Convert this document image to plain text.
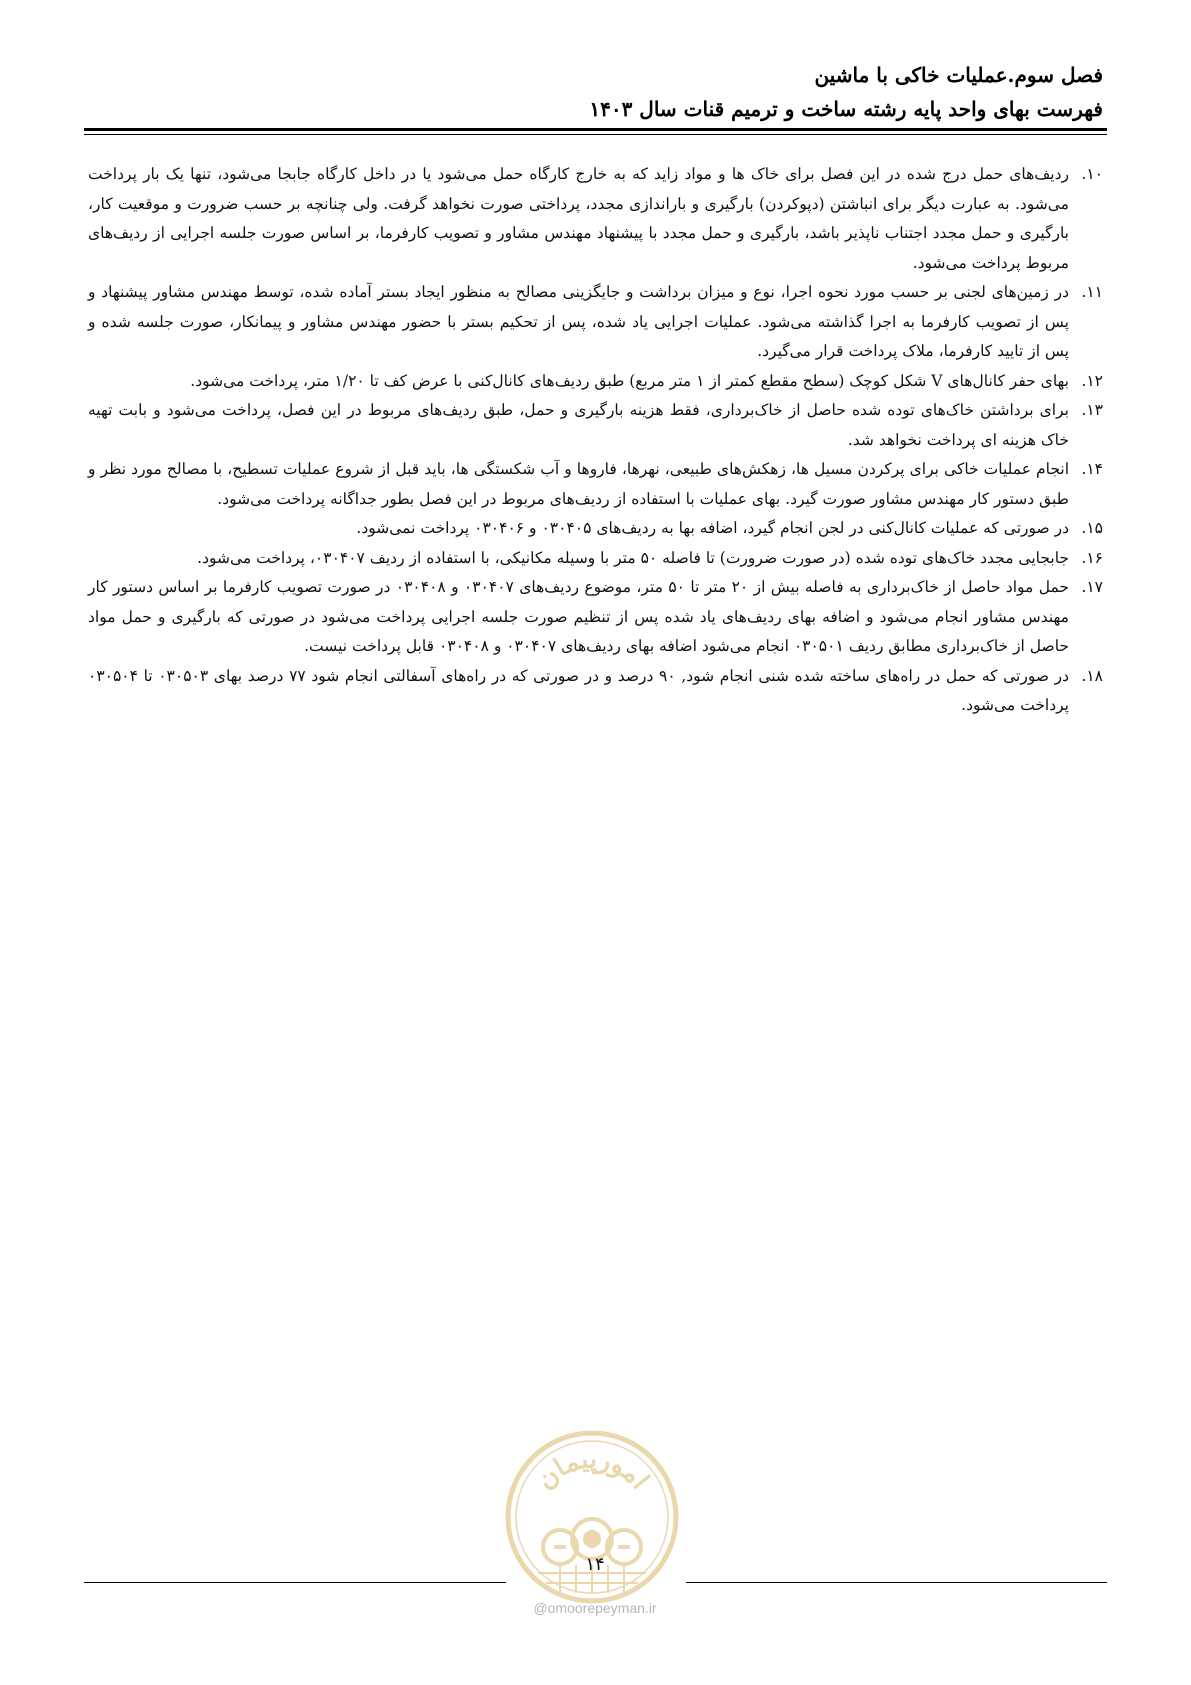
فصل سوم.عملیات خاکی با ماشین
فهرست بهای واحد پایه رشته ساخت و ترمیم قنات سال ۱۴۰۳
۱۰.
ردیف‌های حمل درج شده در این فصل برای خاک ها و مواد زاید که به خارج کارگاه حمل می‌شود یا در داخل کارگاه جابجا می‌شود، تنها یک بار پرداخت می‌شود. به عبارت دیگر برای انباشتن (دپوکردن) بارگیری و باراندازی مجدد، پرداختی صورت نخواهد گرفت. ولی چنانچه بر حسب ضرورت و موقعیت کار، بارگیری و حمل مجدد اجتناب ناپذیر باشد، بارگیری و حمل مجدد با پیشنهاد مهندس مشاور و تصویب کارفرما، بر اساس صورت جلسه اجرایی از ردیف‌های مربوط پرداخت می‌شود.
۱۱.
در زمین‌های لجنی بر حسب مورد نحوه اجرا، نوع و میزان برداشت و جایگزینی مصالح به منظور ایجاد بستر آماده شده، توسط مهندس مشاور پیشنهاد و پس از تصویب کارفرما به اجرا گذاشته می‌شود. عملیات اجرایی یاد شده، پس از تحکیم بستر با حضور مهندس مشاور و پیمانکار، صورت جلسه شده و پس از تایید کارفرما، ملاک پرداخت قرار می‌گیرد.
۱۲.
بهای حفر کانال‌های V شکل کوچک (سطح مقطع کمتر از ۱ متر مربع) طبق ردیف‌های کانال‌کنی با عرض کف تا ۱/۲۰ متر، پرداخت می‌شود.
۱۳.
برای برداشتن خاک‌های توده شده حاصل از خاک‌برداری، فقط هزینه بارگیری و حمل، طبق ردیف‌های مربوط در این فصل، پرداخت می‌شود و بابت تهیه خاک هزینه ای پرداخت نخواهد شد.
۱۴.
انجام عملیات خاکی برای پرکردن مسیل ها، زهکش‌های طبیعی، نهرها، فاروها و آب شکستگی ها، باید قبل از شروع عملیات تسطیح، با مصالح مورد نظر و طبق دستور کار مهندس مشاور صورت گیرد. بهای عملیات با استفاده از ردیف‌های مربوط در این فصل بطور جداگانه پرداخت می‌شود.
۱۵.
در صورتی که عملیات کانال‌کنی در لجن انجام گیرد، اضافه بها به ردیف‌های ۰۳۰۴۰۵ و ۰۳۰۴۰۶ پرداخت نمی‌شود.
۱۶.
جابجایی مجدد خاک‌های توده شده (در صورت ضرورت) تا فاصله ۵۰ متر با وسیله مکانیکی، با استفاده از ردیف ۰۳۰۴۰۷، پرداخت می‌شود.
۱۷.
حمل مواد حاصل از خاک‌برداری به فاصله بیش از ۲۰ متر تا ۵۰ متر، موضوع ردیف‌های ۰۳۰۴۰۷ و ۰۳۰۴۰۸ در صورت تصویب کارفرما بر اساس دستور کار مهندس مشاور انجام می‌شود و اضافه بهای ردیف‌های یاد شده پس از تنظیم صورت جلسه اجرایی پرداخت می‌شود در صورتی که بارگیری و حمل مواد حاصل از خاک‌برداری مطابق ردیف ۰۳۰۵۰۱ انجام می‌شود اضافه بهای ردیف‌های ۰۳۰۴۰۷ و ۰۳۰۴۰۸ قابل پرداخت نیست.
۱۸.
در صورتی که حمل در راه‌های ساخته شده شنی انجام شود, ۹۰ درصد و در صورتی که در راه‌های آسفالتی انجام شود ۷۷ درصد بهای ۰۳۰۵۰۳ تا ۰۳۰۵۰۴ پرداخت می‌شود.
امورپیمان
۱۴
@omoorepeyman.ir
